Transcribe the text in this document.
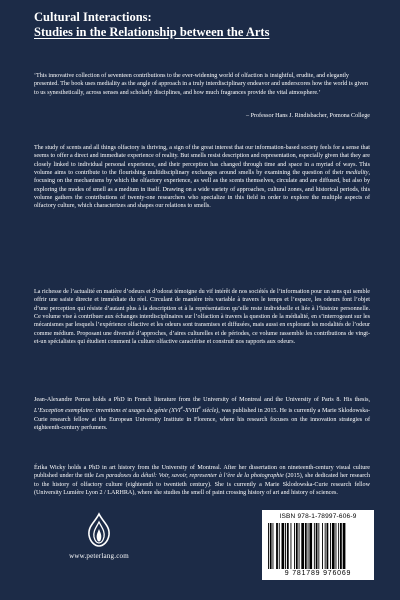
Cultural Interactions:
Studies in the Relationship between the Arts

‘This innovative collection of seventeen contributions to the ever-widening world of olfaction is insightful, erudite, and elegantly presented. The book uses mediality as the angle of approach in a truly interdisciplinary endeavor and underscores how the world is given to us synesthetically, across senses and scholarly disciplines, and how much fragrances provide the vital atmosphere.’

– Professor Hans J. Rindisbacher, Pomona College

The study of scents and all things olfactory is thriving, a sign of the great interest that our information-based society feels for a sense that seems to offer a direct and immediate experience of reality. But smells resist description and representation, especially given that they are closely linked to individual personal experience, and their perception has changed through time and space in a myriad of ways. This volume aims to contribute to the flourishing multidisciplinary exchanges around smells by examining the question of their mediality, focusing on the mechanisms by which the olfactory experience, as well as the scents themselves, circulate and are diffused, but also by exploring the modes of smell as a medium in itself. Drawing on a wide variety of approaches, cultural zones, and historical periods, this volume gathers the contributions of twenty-one researchers who specialize in this field in order to explore the multiple aspects of olfactory culture, which characterizes and shapes our relations to smells.

La richesse de l’actualité en matière d’odeurs et d’odorat témoigne du vif intérêt de nos sociétés de l’information pour un sens qui semble offrir une saisie directe et immédiate du réel. Circulant de manière très variable à travers le temps et l’espace, les odeurs font l’objet d’une perception qui résiste d’autant plus à la description et à la représentation qu’elle reste individuelle et liée à l’histoire personnelle. Ce volume vise à contribuer aux échanges interdisciplinaires sur l’olfaction à travers la question de la médialité, en s’interrogeant sur les mécanismes par lesquels l’expérience olfactive et les odeurs sont transmises et diffusées, mais aussi en explorant les modalités de l’odeur comme médium. Proposant une diversité d’approches, d’aires culturelles et de périodes, ce volume rassemble les contributions de vingt-et-un spécialistes qui étudient comment la culture olfactive caractérise et construit nos rapports aux odeurs.

Jean-Alexandre Perras holds a PhD in French literature from the University of Montreal and the University of Paris 8. His thesis, L’Exception exemplaire: inventions et usages du génie (XVIe-XVIIIe siècle), was published in 2015. He is currently a Marie Sklodowska-Curie research fellow at the European University Institute in Florence, where his research focuses on the innovation strategies of eighteenth-century perfumers.

Érika Wicky holds a PhD in art history from the University of Montreal. After her dissertation on nineteenth-century visual culture published under the title Les paradoxes du détail: Voir, savoir, representer à l’ère de la photographie (2015), she dedicated her research to the history of olfactory culture (eighteenth to twentieth century). She is currently a Marie Sklodowska-Curie research fellow (University Lumière Lyon 2 / LARHRA), where she studies the smell of paint crossing history of art and history of sciences.

www.peterlang.com
ISBN 978-1-78997-606-9
9 781789 976069
